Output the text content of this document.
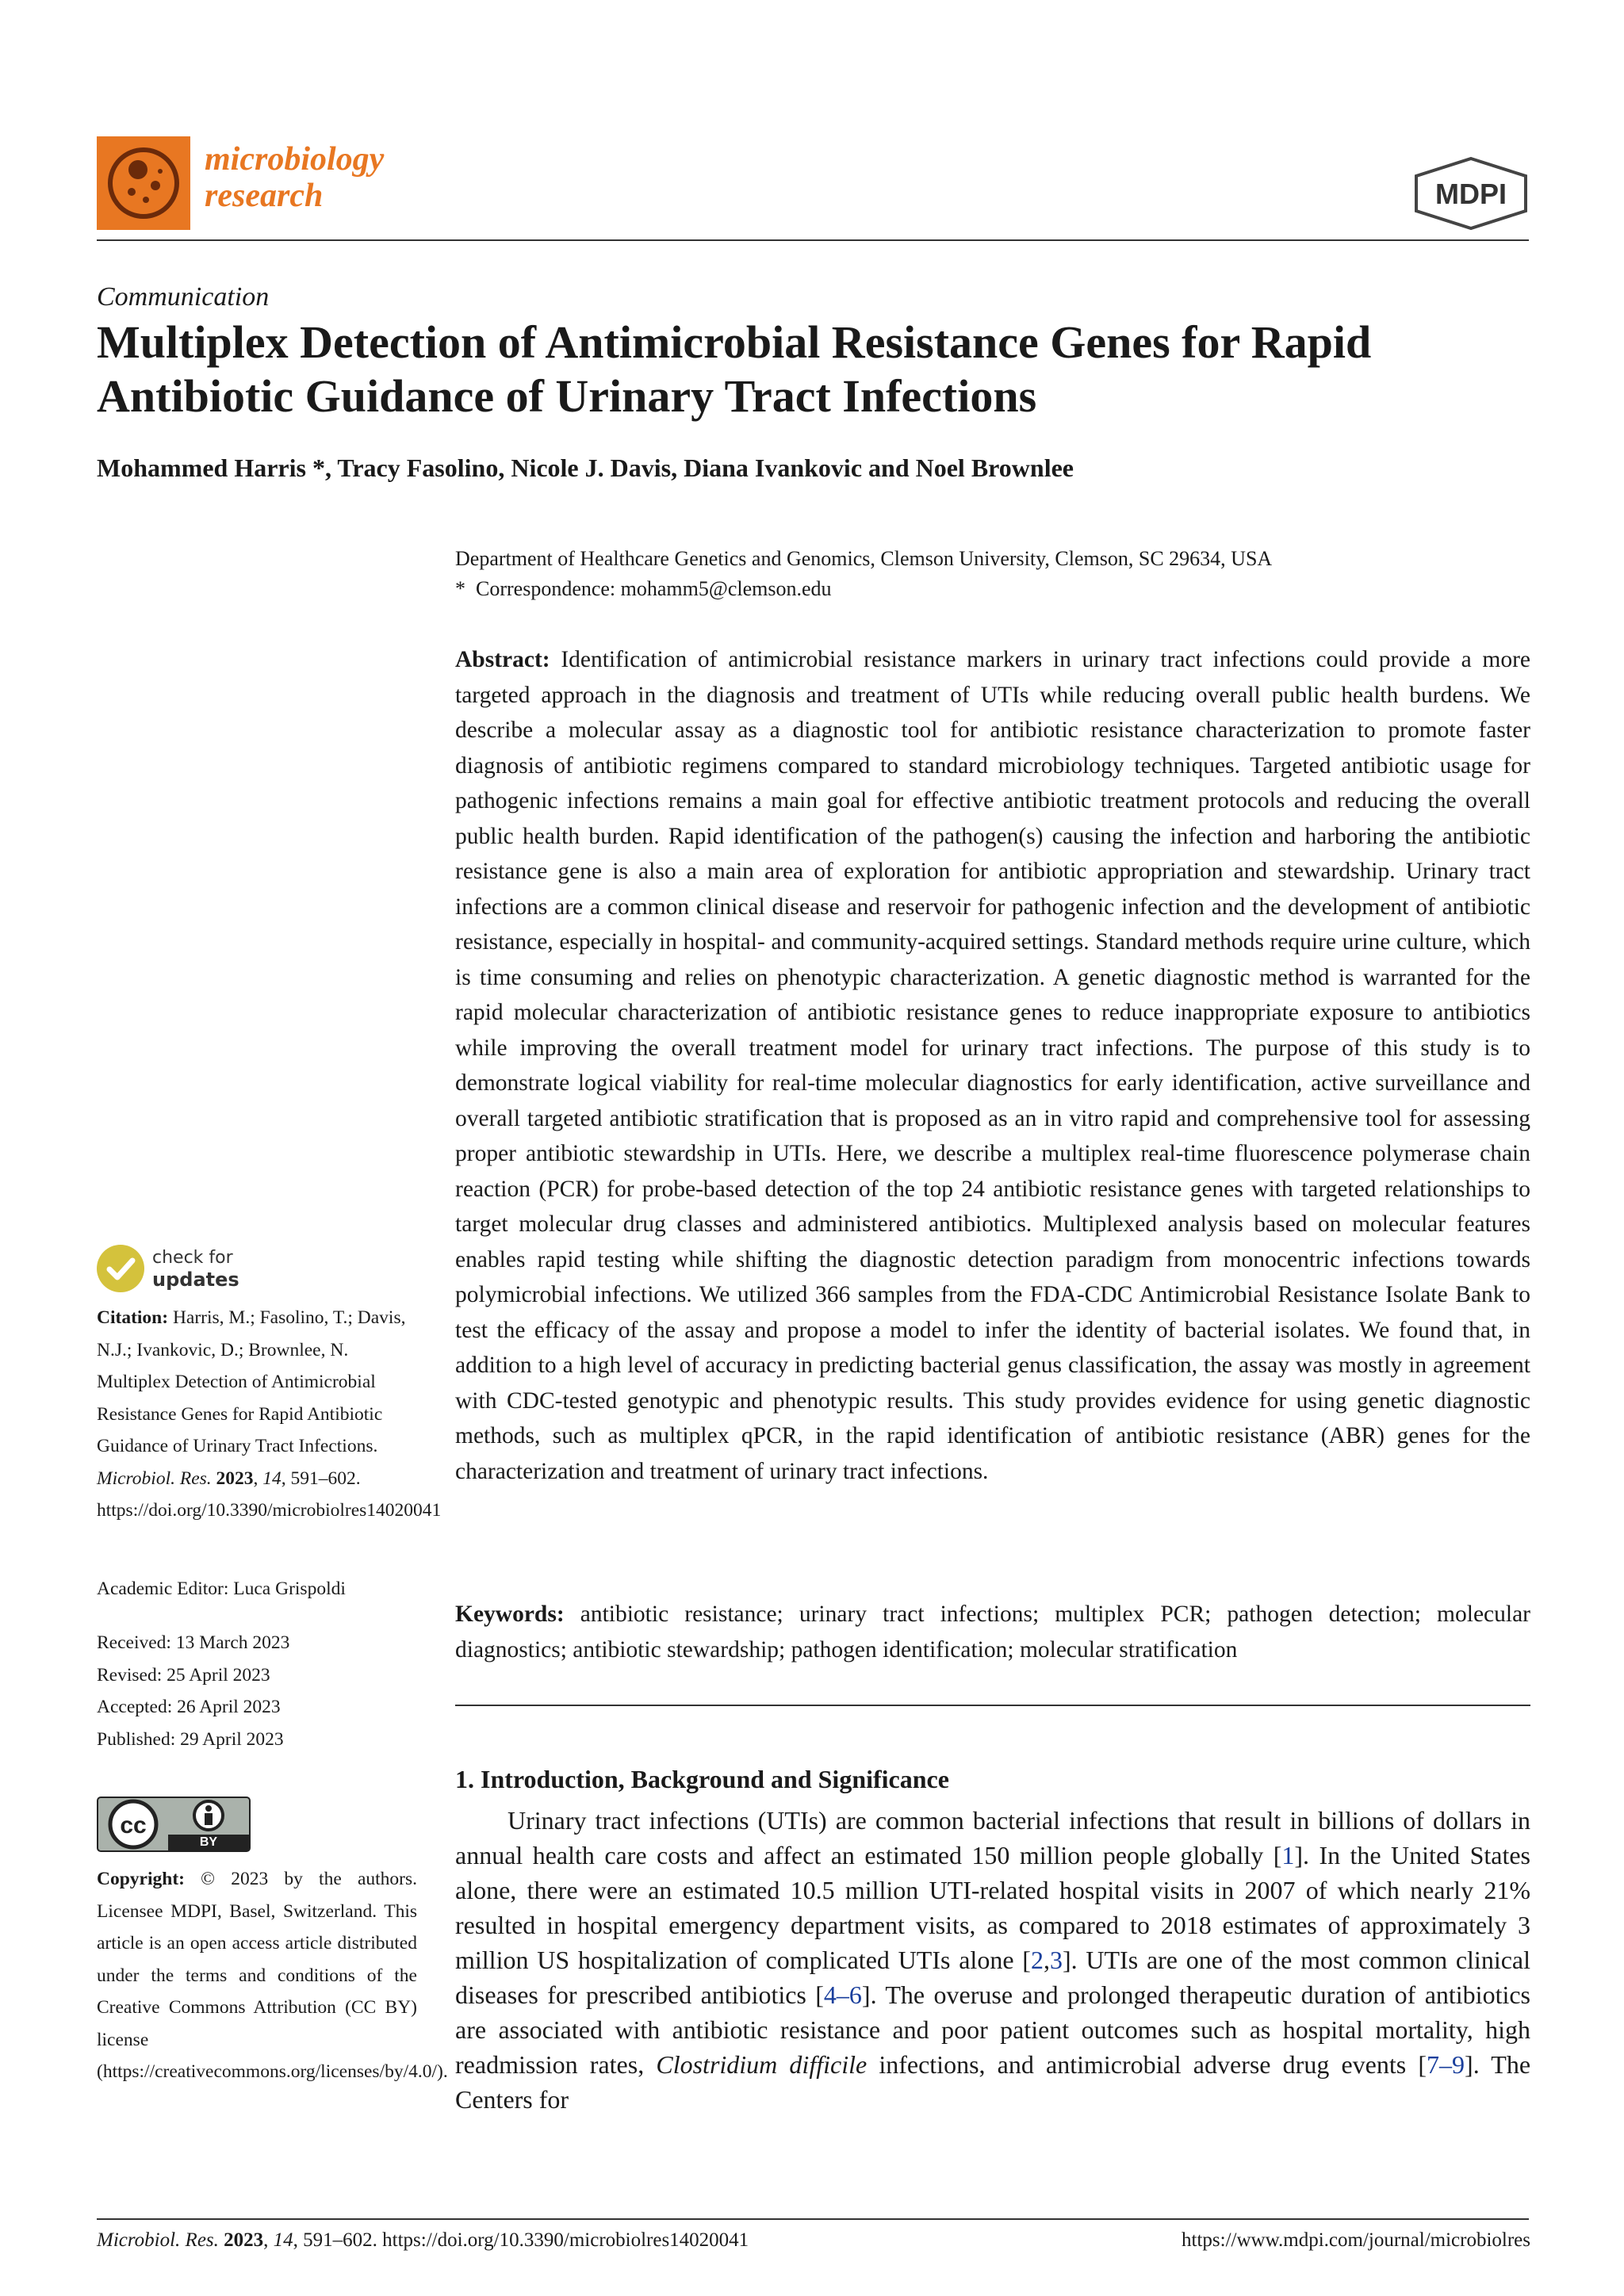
microbiology
research	MDPI
Communication
Multiplex Detection of Antimicrobial Resistance Genes for Rapid Antibiotic Guidance of Urinary Tract Infections
Mohammed Harris *, Tracy Fasolino, Nicole J. Davis, Diana Ivankovic and Noel Brownlee
Department of Healthcare Genetics and Genomics, Clemson University, Clemson, SC 29634, USA
*  Correspondence: mohamm5@clemson.edu
Abstract: Identification of antimicrobial resistance markers in urinary tract infections could provide a more targeted approach in the diagnosis and treatment of UTIs while reducing overall public health burdens. We describe a molecular assay as a diagnostic tool for antibiotic resistance characterization to promote faster diagnosis of antibiotic regimens compared to standard microbiology techniques. Targeted antibiotic usage for pathogenic infections remains a main goal for effective antibiotic treatment protocols and reducing the overall public health burden. Rapid identification of the pathogen(s) causing the infection and harboring the antibiotic resistance gene is also a main area of exploration for antibiotic appropriation and stewardship. Urinary tract infections are a common clinical disease and reservoir for pathogenic infection and the development of antibiotic resistance, especially in hospital- and community-acquired settings. Standard methods require urine culture, which is time consuming and relies on phenotypic characterization. A genetic diagnostic method is warranted for the rapid molecular characterization of antibiotic resistance genes to reduce inappropriate exposure to antibiotics while improving the overall treatment model for urinary tract infections. The purpose of this study is to demonstrate logical viability for real-time molecular diagnostics for early identification, active surveillance and overall targeted antibiotic stratification that is proposed as an in vitro rapid and comprehensive tool for assessing proper antibiotic stewardship in UTIs. Here, we describe a multiplex real-time fluorescence polymerase chain reaction (PCR) for probe-based detection of the top 24 antibiotic resistance genes with targeted relationships to target molecular drug classes and administered antibiotics. Multiplexed analysis based on molecular features enables rapid testing while shifting the diagnostic detection paradigm from monocentric infections towards polymicrobial infections. We utilized 366 samples from the FDA-CDC Antimicrobial Resistance Isolate Bank to test the efficacy of the assay and propose a model to infer the identity of bacterial isolates. We found that, in addition to a high level of accuracy in predicting bacterial genus classification, the assay was mostly in agreement with CDC-tested genotypic and phenotypic results. This study provides evidence for using genetic diagnostic methods, such as multiplex qPCR, in the rapid identification of antibiotic resistance (ABR) genes for the characterization and treatment of urinary tract infections.
Keywords: antibiotic resistance; urinary tract infections; multiplex PCR; pathogen detection; molecular diagnostics; antibiotic stewardship; pathogen identification; molecular stratification
1. Introduction, Background and Significance
Urinary tract infections (UTIs) are common bacterial infections that result in billions of dollars in annual health care costs and affect an estimated 150 million people globally [1]. In the United States alone, there were an estimated 10.5 million UTI-related hospital visits in 2007 of which nearly 21% resulted in hospital emergency department visits, as compared to 2018 estimates of approximately 3 million US hospitalization of complicated UTIs alone [2,3]. UTIs are one of the most common clinical diseases for prescribed antibiotics [4–6]. The overuse and prolonged therapeutic duration of antibiotics are associated with antibiotic resistance and poor patient outcomes such as hospital mortality, high readmission rates, Clostridium difficile infections, and antimicrobial adverse drug events [7–9]. The Centers for
check for
updates
Citation: Harris, M.; Fasolino, T.; Davis, N.J.; Ivankovic, D.; Brownlee, N. Multiplex Detection of Antimicrobial Resistance Genes for Rapid Antibiotic Guidance of Urinary Tract Infections. Microbiol. Res. 2023, 14, 591–602. https://doi.org/10.3390/microbiolres14020041
Academic Editor: Luca Grispoldi
Received: 13 March 2023
Revised: 25 April 2023
Accepted: 26 April 2023
Published: 29 April 2023
cc
BY
Copyright: © 2023 by the authors. Licensee MDPI, Basel, Switzerland. This article is an open access article distributed under the terms and conditions of the Creative Commons Attribution (CC BY) license (https://creativecommons.org/licenses/by/4.0/).
Microbiol. Res. 2023, 14, 591–602. https://doi.org/10.3390/microbiolres14020041	https://www.mdpi.com/journal/microbiolres
